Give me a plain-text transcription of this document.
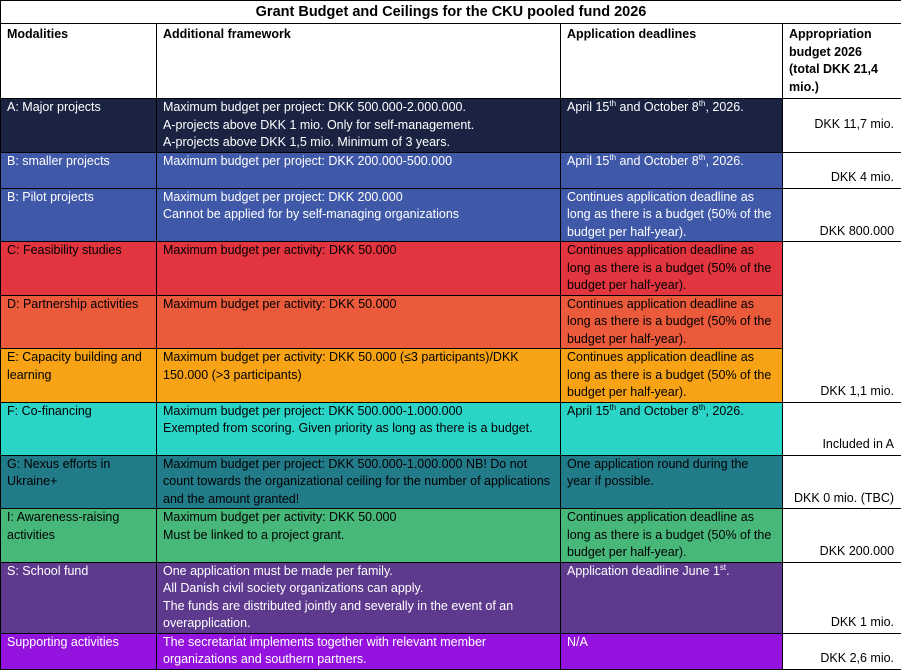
Grant Budget and Ceilings for the CKU pooled fund 2026			
Modalities	Additional framework	Application deadlines	Appropriation budget 2026 (total DKK 21,4 mio.)
A: Major projects	Maximum budget per project: DKK 500.000-2.000.000.
A-projects above DKK 1 mio. Only for self-management.
A-projects above DKK 1,5 mio. Minimum of 3 years.	April 15th and October 8th, 2026.	DKK 11,7 mio.
B: smaller projects	Maximum budget per project: DKK 200.000-500.000	April 15th and October 8th, 2026.	DKK 4 mio.
B: Pilot projects	Maximum budget per project: DKK 200.000
Cannot be applied for by self-managing organizations	Continues application deadline as long as there is a budget (50% of the budget per half-year).	DKK 800.000
C: Feasibility studies	Maximum budget per activity: DKK 50.000	Continues application deadline as long as there is a budget (50% of the budget per half-year).	DKK 1,1 mio.
D: Partnership activities	Maximum budget per activity: DKK 50.000	Continues application deadline as long as there is a budget (50% of the budget per half-year).	
E: Capacity building and learning	Maximum budget per activity: DKK 50.000 (≤3 participants)/DKK 150.000 (>3 participants)	Continues application deadline as long as there is a budget (50% of the budget per half-year).	
F: Co-financing	Maximum budget per project: DKK 500.000-1.000.000
Exempted from scoring. Given priority as long as there is a budget.	April 15th and October 8th, 2026.	Included in A
G: Nexus efforts in Ukraine+	Maximum budget per project: DKK 500.000-1.000.000 NB! Do not count towards the organizational ceiling for the number of applications and the amount granted!	One application round during the year if possible.	DKK 0 mio. (TBC)
I: Awareness-raising activities	Maximum budget per activity: DKK 50.000
Must be linked to a project grant.	Continues application deadline as long as there is a budget (50% of the budget per half-year).	DKK 200.000
S: School fund	One application must be made per family.
All Danish civil society organizations can apply.
The funds are distributed jointly and severally in the event of an
overapplication.	Application deadline June 1st.	DKK 1 mio.
Supporting activities	The secretariat implements together with relevant member
organizations and southern partners.	N/A	DKK 2,6 mio.
